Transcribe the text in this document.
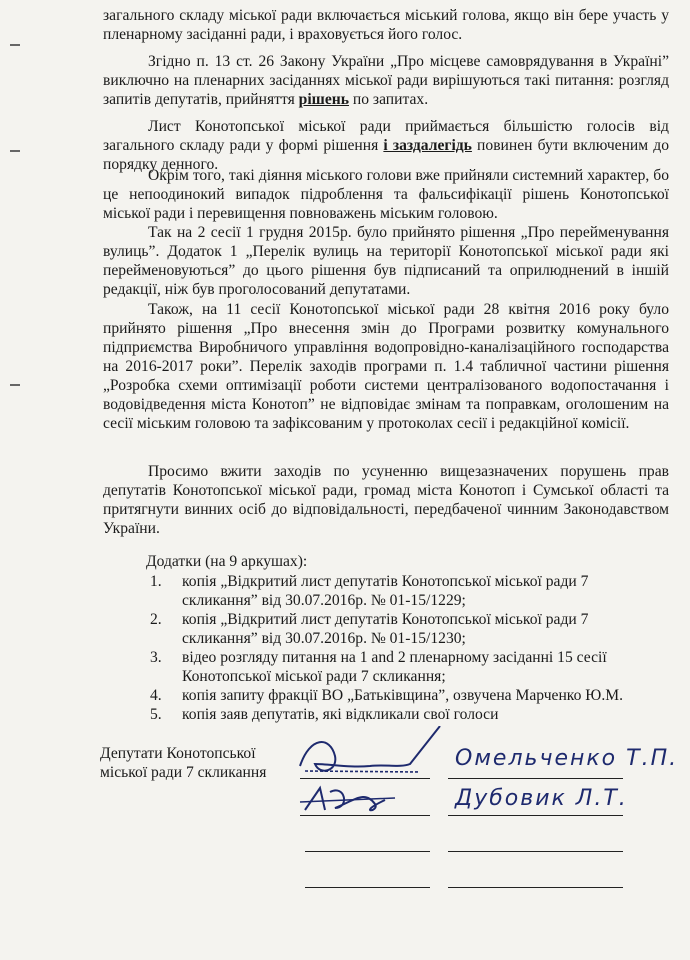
загального складу міської ради включається міський голова, якщо він бере участь у пленарному засіданні ради, і враховується його голос.

Згідно п. 13 ст. 26 Закону України „Про місцеве самоврядування в Україні” виключно на пленарних засіданнях міської ради вирішуються такі питання: розгляд запитів депутатів, прийняття рішень по запитах.

Лист Конотопської міської ради приймається більшістю голосів від загального складу ради у формі рішення і заздалегідь повинен бути включеним до порядку денного.

Окрім того, такі діяння міського голови вже прийняли системний характер, бо це непоодинокий випадок підроблення та фальсифікації рішень Конотопської міської ради і перевищення повноважень міським головою.

Так на 2 сесії 1 грудня 2015р. було прийнято рішення „Про перейменування вулиць”. Додаток 1 „Перелік вулиць на території Конотопської міської ради які перейменовуються” до цього рішення був підписаний та оприлюднений в іншій редакції, ніж був проголосований депутатами.

Також, на 11 сесії Конотопської міської ради 28 квітня 2016 року було прийнято рішення „Про внесення змін до Програми розвитку комунального підприємства Виробничого управління водопровідно-каналізаційного господарства на 2016-2017 роки”. Перелік заходів програми п. 1.4 табличної частини рішення „Розробка схеми оптимізації роботи системи централізованого водопостачання і водовідведення міста Конотоп” не відповідає змінам та поправкам, оголошеним на сесії міським головою та зафіксованим у протоколах сесії і редакційної комісії.

Просимо вжити заходів по усуненню вищезазначених порушень прав депутатів Конотопської міської ради, громад міста Конотоп і Сумської області та притягнути винних осіб до відповідальності, передбаченої чинним Законодавством України.

Додатки (на 9 аркушах):
1. копія „Відкритий лист депутатів Конотопської міської ради 7 скликання” від 30.07.2016р. № 01-15/1229;
2. копія „Відкритий лист депутатів Конотопської міської ради 7 скликання” від 30.07.2016р. № 01-15/1230;
3. відео розгляду питання на 1 and 2 пленарному засіданні 15 сесії Конотопської міської ради 7 скликання;
4. копія запиту фракції ВО „Батьківщина”, озвучена Марченко Ю.М.
5. копія заяв депутатів, які відкликали свої голоси
Депутати Конотопської
міської ради 7 скликання
Омельченко Т.П.
Дубовик Л.Т.
